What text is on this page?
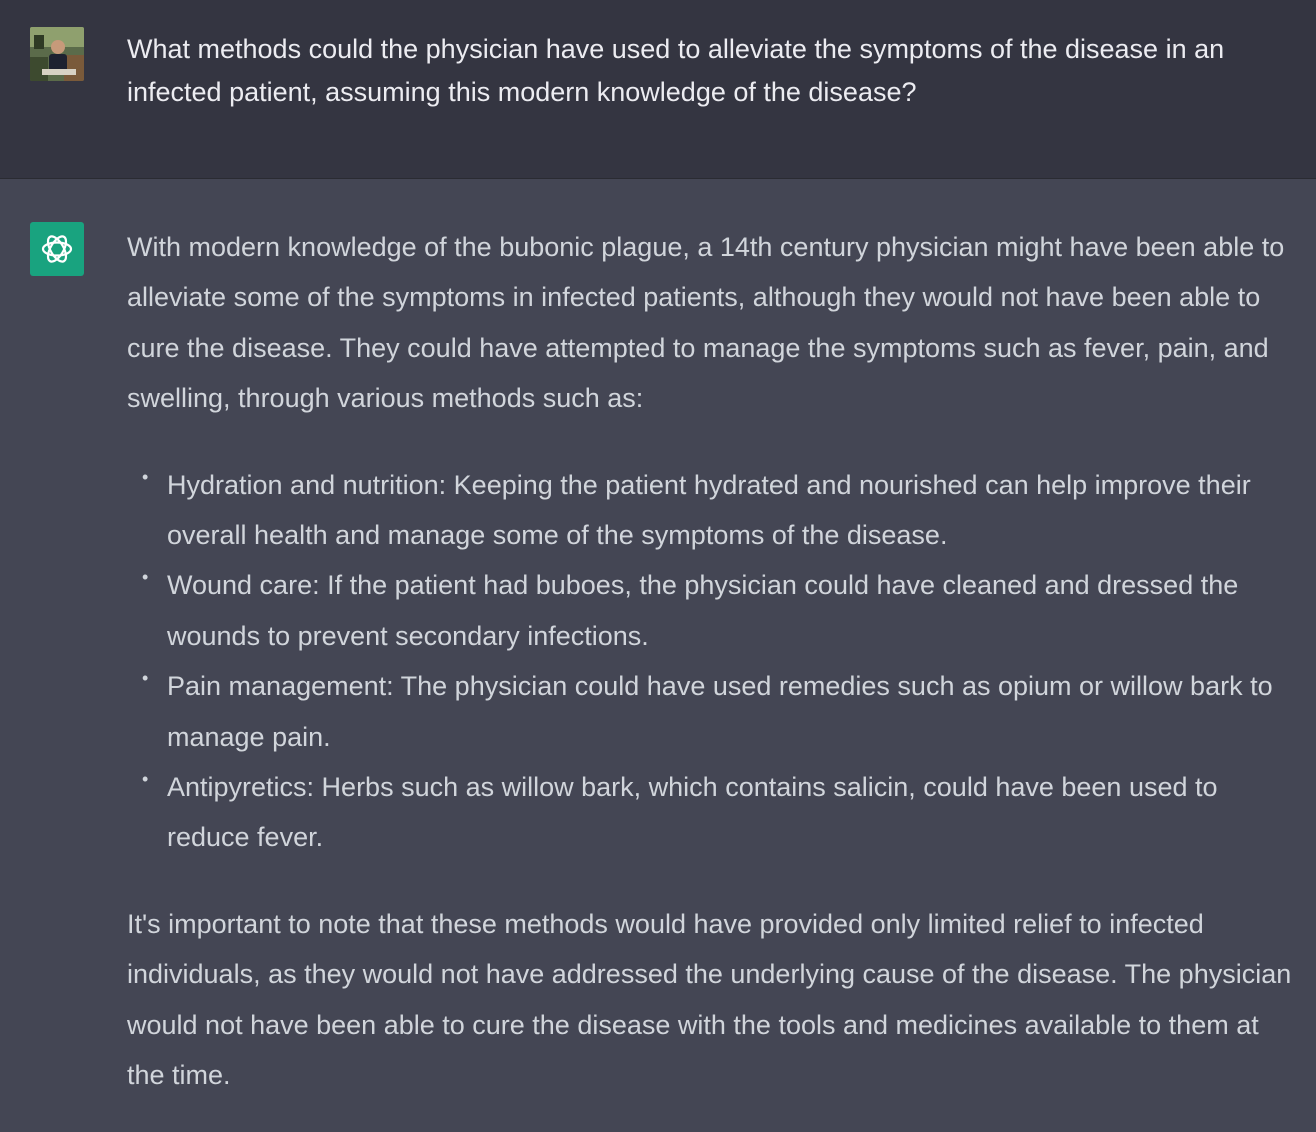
What methods could the physician have used to alleviate the symptoms of the disease in an infected patient, assuming this modern knowledge of the disease?

With modern knowledge of the bubonic plague, a 14th century physician might have been able to alleviate some of the symptoms in infected patients, although they would not have been able to cure the disease. They could have attempted to manage the symptoms such as fever, pain, and swelling, through various methods such as:

• Hydration and nutrition: Keeping the patient hydrated and nourished can help improve their overall health and manage some of the symptoms of the disease.
• Wound care: If the patient had buboes, the physician could have cleaned and dressed the wounds to prevent secondary infections.
• Pain management: The physician could have used remedies such as opium or willow bark to manage pain.
• Antipyretics: Herbs such as willow bark, which contains salicin, could have been used to reduce fever.

It's important to note that these methods would have provided only limited relief to infected individuals, as they would not have addressed the underlying cause of the disease. The physician would not have been able to cure the disease with the tools and medicines available to them at the time.
